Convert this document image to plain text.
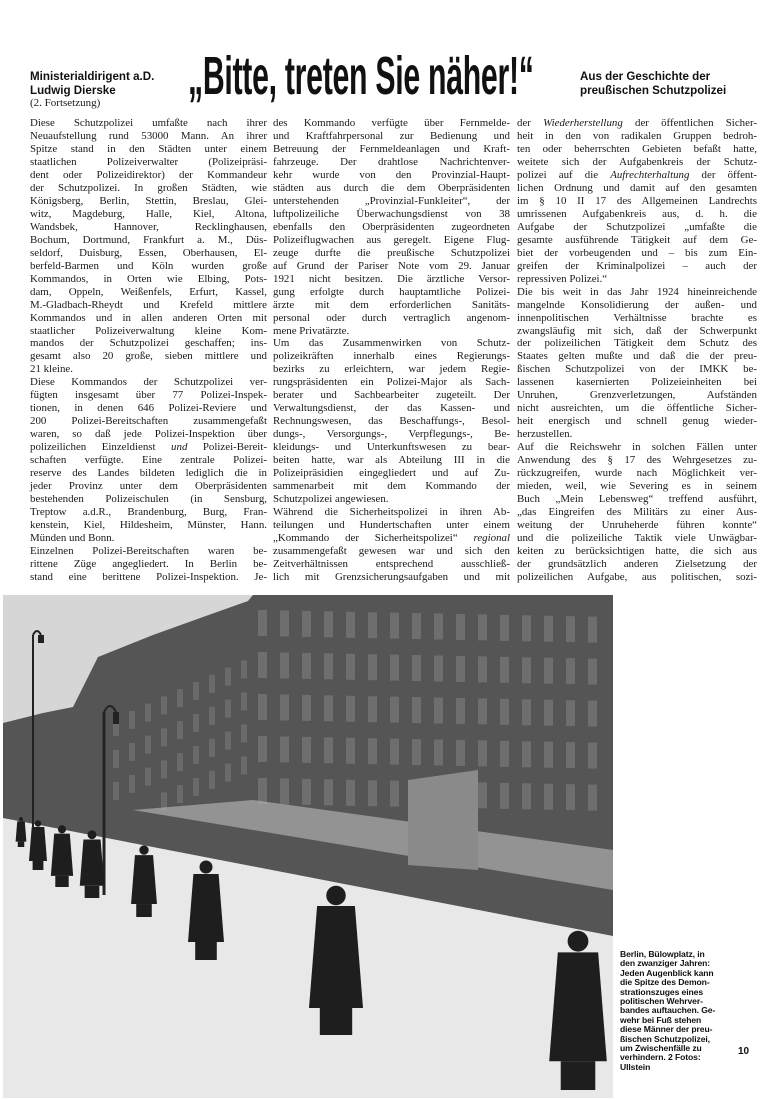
Ministerialdirigent a.D.
Ludwig Dierske	„Bitte, treten Sie näher!“	Aus der Geschichte der
preußischen Schutzpolizei
(2. Fortsetzung)
Diese Schutzpolizei umfaßte nach ihrer
Neuaufstellung rund 53000 Mann. An ihrer
Spitze stand in den Städten unter einem
staatlichen Polizeiverwalter (Polizeipräsi-
dent oder Polizeidirektor) der Kommandeur
der Schutzpolizei. In großen Städten, wie
Königsberg, Berlin, Stettin, Breslau, Glei-
witz, Magdeburg, Halle, Kiel, Altona,
Wandsbek, Hannover, Recklinghausen,
Bochum, Dortmund, Frankfurt a. M., Düs-
seldorf, Duisburg, Essen, Oberhausen, El-
berfeld-Barmen und Köln wurden große
Kommandos, in Orten wie Elbing, Pots-
dam, Oppeln, Weißenfels, Erfurt, Kassel,
M.-Gladbach-Rheydt und Krefeld mittlere
Kommandos und in allen anderen Orten mit
staatlicher Polizeiverwaltung kleine Kom-
mandos der Schutzpolizei geschaffen; ins-
gesamt also 20 große, sieben mittlere und
21 kleine.
Diese Kommandos der Schutzpolizei ver-
fügten insgesamt über 77 Polizei-Inspek-
tionen, in denen 646 Polizei-Reviere und
200 Polizei-Bereitschaften zusammengefaßt
waren, so daß jede Polizei-Inspektion über
polizeilichen Einzeldienst und Polizei-Bereit-
schaften verfügte. Eine zentrale Polizei-
reserve des Landes bildeten lediglich die in
jeder Provinz unter dem Oberpräsidenten
bestehenden Polizeischulen (in Sensburg,
Treptow a.d.R., Brandenburg, Burg, Fran-
kenstein, Kiel, Hildesheim, Münster, Hann.
Münden und Bonn.
Einzelnen Polizei-Bereitschaften waren be-
rittene Züge angegliedert. In Berlin be-
stand eine berittene Polizei-Inspektion. Je-
des Kommando verfügte über Fernmelde-
und Kraftfahrpersonal zur Bedienung und
Betreuung der Fernmeldeanlagen und Kraft-
fahrzeuge. Der drahtlose Nachrichtenver-
kehr wurde von den Provinzial-Haupt-
städten aus durch die dem Oberpräsidenten
unterstehenden „Provinzial-Funkleiter“, der
luftpolizeiliche Überwachungsdienst von 38
ebenfalls den Oberpräsidenten zugeordneten
Polizeiflugwachen aus geregelt. Eigene Flug-
zeuge durfte die preußische Schutzpolizei
auf Grund der Pariser Note vom 29. Januar
1921 nicht besitzen. Die ärztliche Versor-
gung erfolgte durch hauptamtliche Polizei-
ärzte mit dem erforderlichen Sanitäts-
personal oder durch vertraglich angenom-
mene Privatärzte.
Um das Zusammenwirken von Schutz-
polizeikräften innerhalb eines Regierungs-
bezirks zu erleichtern, war jedem Regie-
rungspräsidenten ein Polizei-Major als Sach-
berater und Sachbearbeiter zugeteilt. Der
Verwaltungsdienst, der das Kassen- und
Rechnungswesen, das Beschaffungs-, Besol-
dungs-, Versorgungs-, Verpflegungs-, Be-
kleidungs- und Unterkunftswesen zu bear-
beiten hatte, war als Abteilung III in die
Polizeipräsidien eingegliedert und auf Zu-
sammenarbeit mit dem Kommando der
Schutzpolizei angewiesen.
Während die Sicherheitspolizei in ihren Ab-
teilungen und Hundertschaften unter einem
„Kommando der Sicherheitspolizei“ regional
zusammengefaßt gewesen war und sich den
Zeitverhältnissen entsprechend ausschließ-
lich mit Grenzsicherungsaufgaben und mit
der Wiederherstellung der öffentlichen Sicher-
heit in den von radikalen Gruppen bedroh-
ten oder beherrschten Gebieten befaßt hatte,
weitete sich der Aufgabenkreis der Schutz-
polizei auf die Aufrechterhaltung der öffent-
lichen Ordnung und damit auf den gesamten
im § 10 II 17 des Allgemeinen Landrechts
umrissenen Aufgabenkreis aus, d. h. die
Aufgabe der Schutzpolizei „umfaßte die
gesamte ausführende Tätigkeit auf dem Ge-
biet der vorbeugenden und – bis zum Ein-
greifen der Kriminalpolizei – auch der
repressiven Polizei.“
Die bis weit in das Jahr 1924 hineinreichende
mangelnde Konsolidierung der außen- und
innenpolitischen Verhältnisse brachte es
zwangsläufig mit sich, daß der Schwerpunkt
der polizeilichen Tätigkeit dem Schutz des
Staates gelten mußte und daß die der preu-
ßischen Schutzpolizei von der IMKK be-
lassenen kasernierten Polizeieinheiten bei
Unruhen, Grenzverletzungen, Aufständen
nicht ausreichten, um die öffentliche Sicher-
heit energisch und schnell genug wieder-
herzustellen.
Auf die Reichswehr in solchen Fällen unter
Anwendung des § 17 des Wehrgesetzes zu-
rückzugreifen, wurde nach Möglichkeit ver-
mieden, weil, wie Severing es in seinem
Buch „Mein Lebensweg“ treffend ausführt,
„das Eingreifen des Militärs zu einer Aus-
weitung der Unruheherde führen konnte“
und die polizeiliche Taktik viele Unwägbar-
keiten zu berücksichtigen hatte, die sich aus
der grundsätzlich anderen Zielsetzung der
polizeilichen Aufgabe, aus politischen, sozi-
Berlin, Bülowplatz, in
den zwanziger Jahren:
Jeden Augenblick kann
die Spitze des Demon-
strationszuges eines
politischen Wehrver-
bandes auftauchen. Ge-
wehr bei Fuß stehen
diese Männer der preu-
ßischen Schutzpolizei,
um Zwischenfälle zu
verhindern. 2 Fotos:
Ullstein
10
